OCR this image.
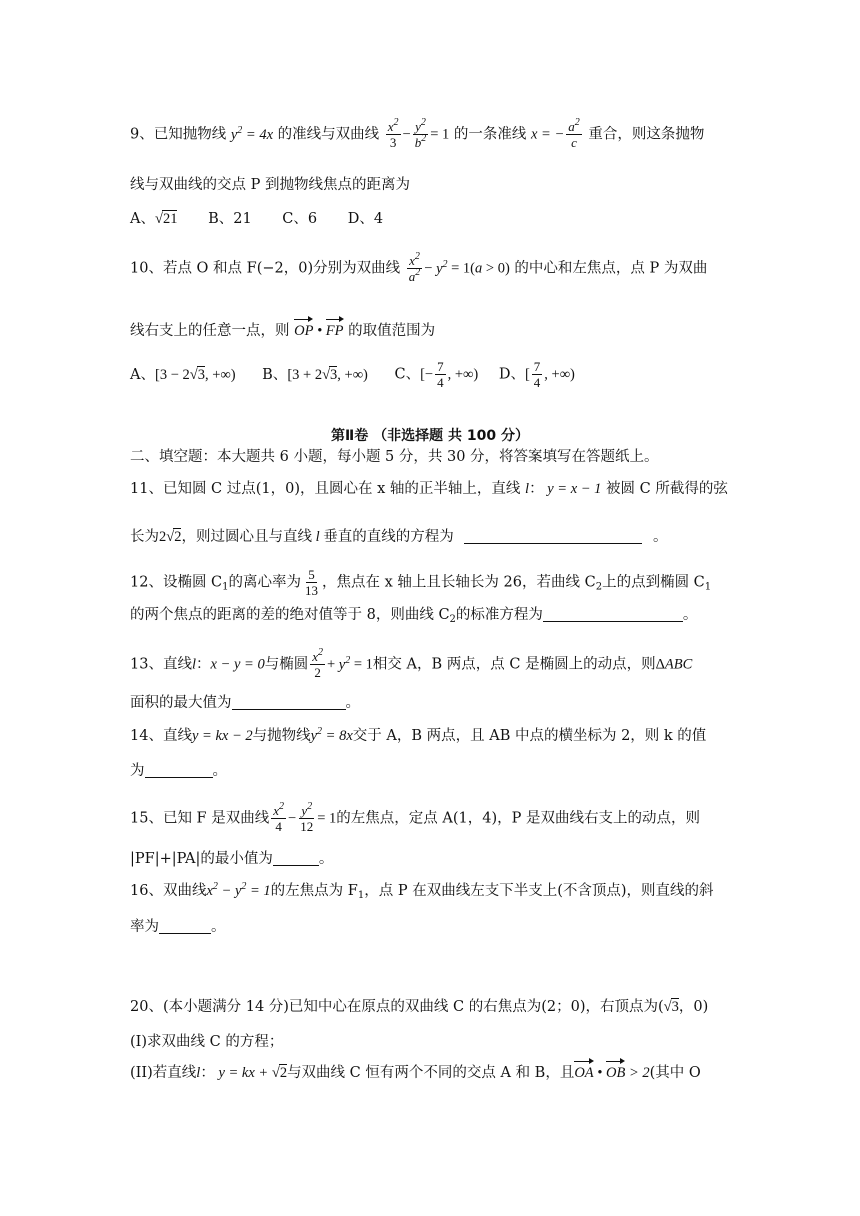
9、已知抛物线 $y^2 = 4x$ 的准线与双曲线 $\frac{x^2}{3} - \frac{y^2}{b^2} = 1$ 的一条准线 x = − $\frac{a^2}{c}$ 重合，则这条抛物
线与双曲线的交点 P 到抛物线焦点的距离为
A、√21 B、21 C、6 D、4
10、若点 O 和点 F(−2，0)分别为双曲线 $\frac{x^2}{a^2} - y^2 = 1(a > 0)$ 的中心和左焦点，点 P 为双曲
线右支上的任意一点，则 OP • FP 的取值范围为
A、[3 − 2√3, +∞) B、[3 + 2√3, +∞) C、[− $\frac{7}{4}$ , +∞) D、[ $\frac{7}{4}$ , +∞)
第Ⅱ卷 （非选择题 共 100 分）
二、填空题：本大题共 6 小题，每小题 5 分，共 30 分，将答案填写在答题纸上。
11、已知圆 C 过点(1，0)，且圆心在 x 轴的正半轴上，直线 l： y = x − 1 被圆 C 所截得的弦
长为2√2，则过圆心且与直线 l 垂直的直线的方程为	。
12、设椭圆 $C_1$的离心率为 $\frac{5}{13}$ ，焦点在 x 轴上且长轴长为 26，若曲线 $C_2$上的点到椭圆 $C_1$
的两个焦点的距离的差的绝对值等于 8，则曲线 $C_2$的标准方程为	。
13、直线l：x − y = 0与椭圆 $\frac{x^2}{2} + y^2 = 1$相交 A，B 两点，点 C 是椭圆上的动点，则ΔABC
面积的最大值为	。
14、直线y = kx − 2与抛物线$y^2 = 8x$交于 A，B 两点，且 AB 中点的横坐标为 2，则 k 的值
为	。
15、已知 F 是双曲线 $\frac{x^2}{4} - \frac{y^2}{12} = 1$的左焦点，定点 A(1，4)，P 是双曲线右支上的动点，则
|PF|+|PA|的最小值为	。
16、双曲线$x^2 - y^2 = 1$的左焦点为 $F_1$，点 P 在双曲线左支下半支上(不含顶点)，则直线的斜
率为	。
20、(本小题满分 14 分)已知中心在原点的双曲线 C 的右焦点为(2；0)，右顶点为(√3，0)
(Ⅰ)求双曲线 C 的方程；
(II)若直线l： y = kx + √2与双曲线 C 恒有两个不同的交点 A 和 B，且OA • OB > 2(其中 O
